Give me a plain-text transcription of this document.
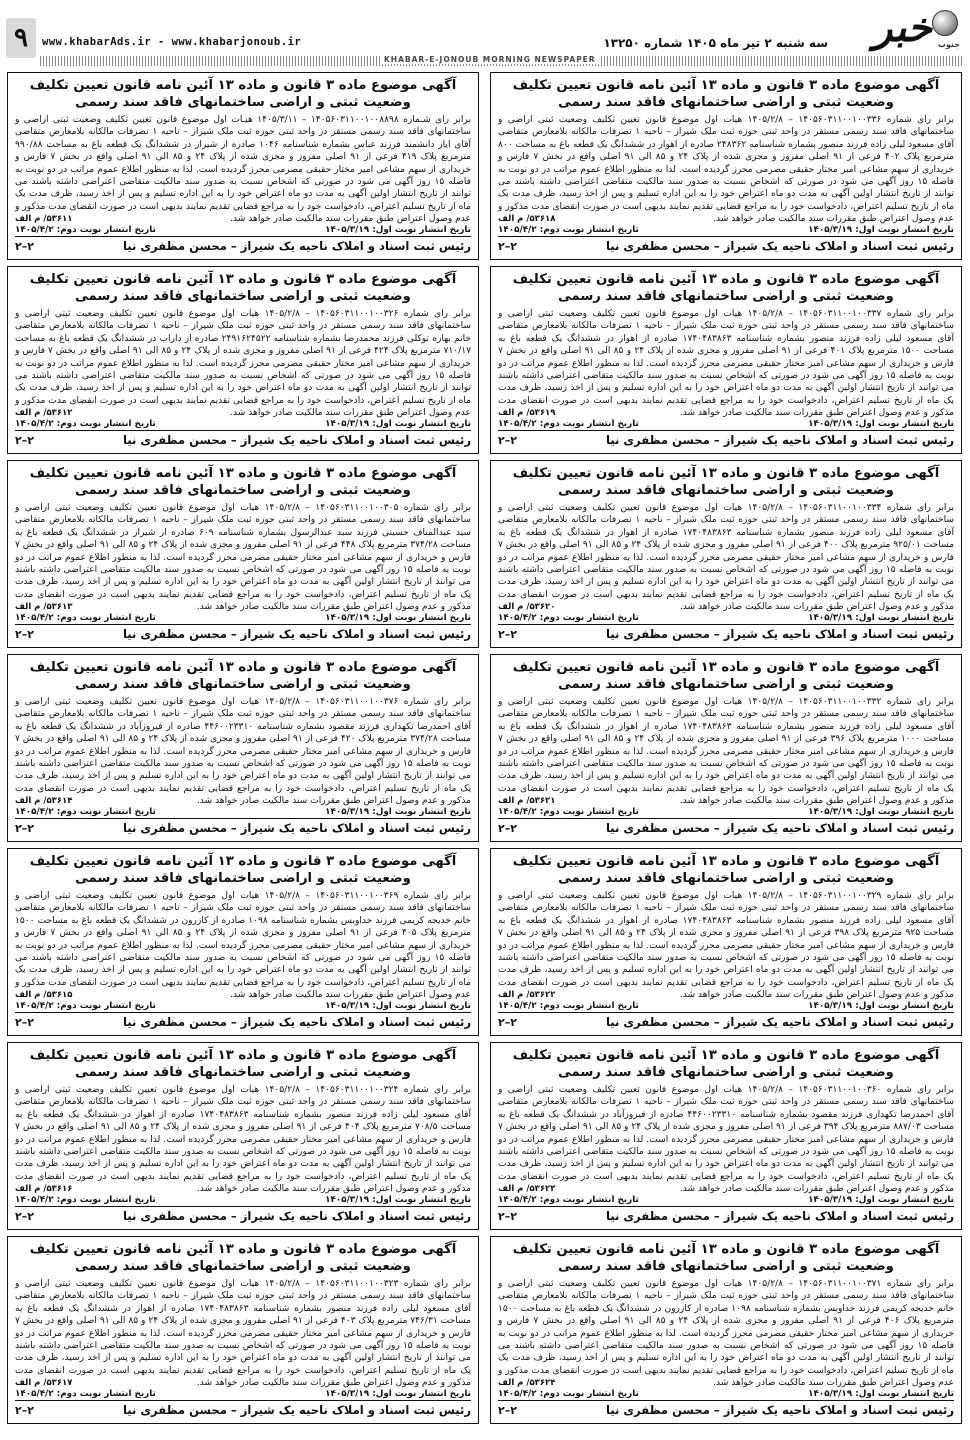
خبر جنوب
سه شنبه ۲ تیر ماه ۱۴۰۵ شماره ۱۳۲۵۰
www.khabarAds.ir - www.khabarjonoub.ir
۹
KHABAR-E-JONOUB MORNING NEWSPAPER
آگهی موضوع ماده ۳ قانون و ماده ۱۳ آئین نامه قانون تعیین تکلیف
وضعیت ثبتی و اراضی ساختمانهای فاقد سند رسمی
برابر رای شماره ۱۴۰۵۶۰۳۱۱۰۰۱۰۰۳۳۶ – ۱۴۰۵/۲/۸ هیات اول موضوع قانون تعیین تکلیف وضعیت ثبتی اراضی و ساختمانهای فاقد سند رسمی مستقر در واحد ثبتی حوزه ثبت ملک شیراز – ناحیه ۱ تصرفات مالکانه بلامعارض متقاضی آقای مسعود لیلی زاده فرزند منصور بشماره شناسنامه ۲۴۸۳۶۲ صادره از اهواز در ششدانگ یک قطعه باغ به مساحت ۸۰۰ مترمربع پلاک ۴۰۲ فرعی از ۹۱ اصلی مفروز و مجزی شده از پلاک ۲۴ و ۸۵ الی ۹۱ اصلی واقع در بخش ۷ فارس و خریداری از سهم مشاعی امیر مختار حقیقی مصرمی محرز گردیده است. لذا به منظور اطلاع عموم مراتب در دو نوبت به فاصله ۱۵ روز آگهی می شود در صورتی که اشخاص نسبت به صدور سند مالکیت متقاضی اعتراضی داشته باشند می توانند از تاریخ انتشار اولین آگهی به مدت دو ماه اعتراض خود را به این اداره تسلیم و پس از اخذ رسید، ظرف مدت یک ماه از تاریخ تسلیم اعتراض، دادخواست خود را به مراجع قضایی تقدیم نمایند بدیهی است در صورت انقضای مدت مذکور و عدم وصول اعتراض طبق مقررات سند مالکیت صادر خواهد شد.
۵۳۶۱۸/ م الف
تاریخ انتشار نوبت اول: ۱۴۰۵/۳/۱۹
تاریخ انتشار نوبت دوم: ۱۴۰۵/۴/۲
رئیس ثبت اسناد و املاک ناحیه یک شیراز – محسن مظفری نیا
۲–۲
آگهی موضوع ماده ۳ قانون و ماده ۱۳ آئین نامه قانون تعیین تکلیف
وضعیت ثبتی و اراضی ساختمانهای فاقد سند رسمی
برابر رای شـماره ۱۴۰۵۶۰۳۱۱۰۰۱۰۰۸۸۹۸ – ۱۴۰۵/۳/۱۱ هیـات اول موضوع قانون تعیین تکلیف وضعیت ثبتی اراضی و ساختمانهای فاقد سند رسمی مستقر در واحد ثبتی حوزه ثبت ملک شیراز – ناحیه ۱ تصرفات مالکانه بلامعارض متقاضی آقای ایاز دانشمند فرزند عباس بشماره شناسنامه ۱۰۴۶ صادره از شیراز در ششدانگ یک قطعه باغ به مساحت ۹۹۰/۸۸ مترمربع پلاک ۴۱۹ فرعی از ۹۱ اصلی مفروز و مجزی شده از پلاک ۲۴ و ۸۵ الی ۹۱ اصلی واقع در بخش ۷ فارس و خریداری از سهم مشاعی امیر مختار حقیقی مصرمی محرز گردیده است. لذا به منظور اطلاع عموم مراتب در دو نوبت به فاصله ۱۵ روز آگهی می شود در صورتی که اشخاص نسبت به صدور سند مالکیت متقاضی اعتراضی داشته باشند می توانند از تاریخ انتشار اولین آگهی به مدت دو ماه اعتراض خود را به این اداره تسلیم و پس از اخذ رسید، ظرف مدت یک ماه از تاریخ تسلیم اعتراض، دادخواست خود را به مراجع قضایی تقدیم نمایند بدیهی است در صورت انقضای مدت مذکور و عدم وصول اعتراض طبق مقررات سند مالکیت صادر خواهد شد.
۵۳۶۱۱/ م الف
تاریخ انتشار نوبت اول: ۱۴۰۵/۳/۱۹
تاریخ انتشار نوبت دوم: ۱۴۰۵/۴/۲
رئیس ثبت اسناد و املاک ناحیه یک شیراز – محسن مظفری نیا
۲–۲
آگهی موضوع ماده ۳ قانون و ماده ۱۳ آئین نامه قانون تعیین تکلیف
وضعیت ثبتی و اراضی ساختمانهای فاقد سند رسمی
برابر رای شماره ۱۴۰۵۶۰۳۱۱۰۰۱۰۰۳۳۷ – ۱۴۰۵/۲/۸ هیات اول موضوع قانون تعیین تکلیف وضعیت ثبتی اراضی و ساختمانهای فاقد سند رسمی مستقر در واحد ثبتی حوزه ثبت ملک شیراز – ناحیه ۱ تصرفات مالکانه بلامعارض متقاضی آقای مسعود لیلی زاده فرزند منصور بشماره شناسنامه ۱۷۴۰۴۸۳۸۶۳ صادره از اهواز در ششدانگ یک قطعه باغ به مساحت ۱۵۰۰ مترمربع پلاک ۴۰۱ فرعی از ۹۱ اصلی مفروز و مجزی شده از پلاک ۲۴ و ۸۵ الی ۹۱ اصلی واقع در بخش ۷ فارس و خریداری از سهم مشاعی امیر مختار حقیقی مصرمی محرز گردیده است. لذا به منظور اطلاع عموم مراتب در دو نوبت به فاصله ۱۵ روز آگهی می شود در صورتی که اشخاص نسبت به صدور سند مالکیت متقاضی اعتراضی داشته باشند می توانند از تاریخ انتشار اولین آگهی به مدت دو ماه اعتراض خود را به این اداره تسلیم و پس از اخذ رسید، ظرف مدت یک ماه از تاریخ تسلیم اعتراض، دادخواست خود را به مراجع قضایی تقدیم نمایند بدیهی است در صورت انقضای مدت مذکور و عدم وصول اعتراض طبق مقررات سند مالکیت صادر خواهد شد.
۵۳۶۱۹/ م الف
تاریخ انتشار نوبت اول: ۱۴۰۵/۳/۱۹
تاریخ انتشار نوبت دوم: ۱۴۰۵/۴/۲
رئیس ثبت اسناد و املاک ناحیه یک شیراز – محسن مظفری نیا
۲–۲
آگهی موضوع ماده ۳ قانون و ماده ۱۳ آئین نامه قانون تعیین تکلیف
وضعیت ثبتی و اراضی ساختمانهای فاقد سند رسمی
برابر رای شماره ۱۴۰۵۶۰۳۱۱۰۰۱۰۰۳۲۶ – ۱۴۰۵/۲/۸ هیات اول موضوع قانون تعیین تکلیف وضعیت ثبتی اراضی و ساختمانهای فاقد سند رسمی مستقر در واحد ثبتی حوزه ثبت ملک شیراز – ناحیه ۱ تصرفات مالکانه بلامعارض متقاضی خانم بهاره توکلی فرزند محمدرضا بشماره شناسنامه ۲۴۹۱۶۲۴۵۲۲ صادره از داراب در ششدانگ یک قطعه باغ به مساحت ۷۱۰/۱۷ مترمربع پلاک ۴۲۴ فرعی از ۹۱ اصلی مفروز و مجزی شده از پلاک ۲۴ و ۸۵ الی ۹۱ اصلی واقع در بخش ۷ فارس و خریداری از سهم مشاعی امیر مختار حقیقی مصرمی محرز گردیده است. لذا به منظور اطلاع عموم مراتب در دو نوبت به فاصله ۱۵ روز آگهی می شود در صورتی که اشخاص نسبت به صدور سند مالکیت متقاضی اعتراضی داشته باشند می توانند از تاریخ انتشار اولین آگهی به مدت دو ماه اعتراض خود را به این اداره تسلیم و پس از اخذ رسید، ظرف مدت یک ماه از تاریخ تسلیم اعتراض، دادخواست خود را به مراجع قضایی تقدیم نمایند بدیهی است در صورت انقضای مدت مذکور و عدم وصول اعتراض طبق مقررات سند مالکیت صادر خواهد شد.
۵۳۶۱۲/ م الف
تاریخ انتشار نوبت اول: ۱۴۰۵/۳/۱۹
تاریخ انتشار نوبت دوم: ۱۴۰۵/۴/۲
رئیس ثبت اسناد و املاک ناحیه یک شیراز – محسن مظفری نیا
۲–۲
آگهی موضوع ماده ۳ قانون و ماده ۱۳ آئین نامه قانون تعیین تکلیف
وضعیت ثبتی و اراضی ساختمانهای فاقد سند رسمی
برابر رای شماره ۱۴۰۵۶۰۳۱۱۰۰۱۰۰۳۳۴ – ۱۴۰۵/۲/۸ هیات اول موضوع قانون تعیین تکلیف وضعیت ثبتی اراضی و ساختمانهای فاقد سند رسمی مستقر در واحد ثبتی حوزه ثبت ملک شیراز – ناحیه ۱ تصرفات مالکانه بلامعارض متقاضی آقای مسعود لیلی زاده فرزند منصور بشماره شناسنامه ۱۷۴۰۴۸۳۸۶۳ صادره از اهواز در ششدانگ یک قطعه باغ به مساحت ۹۲۵/۰۱ مترمربع پلاک ۴۰۰ فرعی از ۹۱ اصلی مفروز و مجزی شده از پلاک ۲۴ و ۸۵ الی ۹۱ اصلی واقع در بخش ۷ فارس و خریداری از سهم مشاعی امیر مختار حقیقی مصرمی محرز گردیده است. لذا به منظور اطلاع عموم مراتب در دو نوبت به فاصله ۱۵ روز آگهی می شود در صورتی که اشخاص نسبت به صدور سند مالکیت متقاضی اعتراضی داشته باشند می توانند از تاریخ انتشار اولین آگهی به مدت دو ماه اعتراض خود را به این اداره تسلیم و پس از اخذ رسید، ظرف مدت یک ماه از تاریخ تسلیم اعتراض، دادخواست خود را به مراجع قضایی تقدیم نمایند بدیهی است در صورت انقضای مدت مذکور و عدم وصول اعتراض طبق مقررات سند مالکیت صادر خواهد شد.
۵۳۶۲۰/ م الف
تاریخ انتشار نوبت اول: ۱۴۰۵/۳/۱۹
تاریخ انتشار نوبت دوم: ۱۴۰۵/۴/۲
رئیس ثبت اسناد و املاک ناحیه یک شیراز – محسن مظفری نیا
۲–۲
آگهی موضوع ماده ۳ قانون و ماده ۱۳ آئین نامه قانون تعیین تکلیف
وضعیت ثبتی و اراضی ساختمانهای فاقد سند رسمی
برابر رای شماره ۱۴۰۵۶۰۳۱۱۰۰۱۰۰۳۰۵ – ۱۴۰۵/۲/۸ هیات اول موضوع قانون تعیین تکلیف وضعیت ثبتی اراضی و ساختمانهای فاقد سند رسمی مستقر در واحد ثبتی حوزه ثبت ملک شیراز – ناحیه ۱ تصرفات مالکانه بلامعارض متقاضی سید عبدالمناف حسینی فرزند سید عبدالرسول بشماره شناسنامه ۶۰۹ صادره از شیراز در ششدانگ یک قطعه باغ به مساحت ۳۷۴/۲۸ مترمربع پلاک ۴۴۸ فرعی از ۹۱ اصلی مفروز و مجزی شده از پلاک ۲۴ و ۸۵ الی ۹۱ اصلی واقع در بخش ۷ فارس و خریداری از سهم مشاعی امیر مختار حقیقی مصرمی محرز گردیده است. لذا به منظور اطلاع عموم مراتب در دو نوبت به فاصله ۱۵ روز آگهی می شود در صورتی که اشخاص نسبت به صدور سند مالکیت متقاضی اعتراضی داشته باشند می توانند از تاریخ انتشار اولین آگهی به مدت دو ماه اعتراض خود را به این اداره تسلیم و پس از اخذ رسید، ظرف مدت یک ماه از تاریخ تسلیم اعتراض، دادخواست خود را به مراجع قضایی تقدیم نمایند بدیهی است در صورت انقضای مدت مذکور و عدم وصول اعتراض طبق مقررات سند مالکیت صادر خواهد شد.
۵۳۶۱۳/ م الف
تاریخ انتشار نوبت اول: ۱۴۰۵/۳/۱۹
تاریخ انتشار نوبت دوم: ۱۴۰۵/۴/۲
رئیس ثبت اسناد و املاک ناحیه یک شیراز – محسن مظفری نیا
۲–۲
آگهی موضوع ماده ۳ قانون و ماده ۱۳ آئین نامه قانون تعیین تکلیف
وضعیت ثبتی و اراضی ساختمانهای فاقد سند رسمی
برابر رای شماره ۱۴۰۵۶۰۳۱۱۰۰۱۰۰۳۳۲ – ۱۴۰۵/۲/۸ هیات اول موضوع قانون تعیین تکلیف وضعیت ثبتی اراضی و ساختمانهای فاقد سند رسمی مستقر در واحد ثبتی حوزه ثبت ملک شیراز – ناحیه ۱ تصرفات مالکانه بلامعارض متقاضی آقای مسعود لیلی زاده فرزند منصور بشماره شناسنامه ۱۷۴۰۴۸۳۸۶۳ صادره از اهواز در ششدانگ یک قطعه باغ به مساحت ۱۰۰۰ مترمربع پلاک ۳۹۶ فرعی از ۹۱ اصلی مفروز و مجزی شده از پلاک ۲۴ و ۸۵ الی ۹۱ اصلی واقع در بخش ۷ فارس و خریداری از سهم مشاعی امیر مختار حقیقی مصرمی محرز گردیده است. لذا به منظور اطلاع عموم مراتب در دو نوبت به فاصله ۱۵ روز آگهی می شود در صورتی که اشخاص نسبت به صدور سند مالکیت متقاضی اعتراضی داشته باشند می توانند از تاریخ انتشار اولین آگهی به مدت دو ماه اعتراض خود را به این اداره تسلیم و پس از اخذ رسید، ظرف مدت یک ماه از تاریخ تسلیم اعتراض، دادخواست خود را به مراجع قضایی تقدیم نمایند بدیهی است در صورت انقضای مدت مذکور و عدم وصول اعتراض طبق مقررات سند مالکیت صادر خواهد شد.
۵۳۶۲۱/ م الف
تاریخ انتشار نوبت اول: ۱۴۰۵/۳/۱۹
تاریخ انتشار نوبت دوم: ۱۴۰۵/۴/۲
رئیس ثبت اسناد و املاک ناحیه یک شیراز – محسن مظفری نیا
۲–۲
آگهی موضوع ماده ۳ قانون و ماده ۱۳ آئین نامه قانون تعیین تکلیف
وضعیت ثبتی و اراضی ساختمانهای فاقد سند رسمی
برابر رای شماره ۱۴۰۵۶۰۳۱۱۰۰۱۰۰۳۷۶ – ۱۴۰۵/۲/۸ هیات اول موضوع قانون تعیین تکلیف وضعیت ثبتی اراضی و ساختمانهای فاقد سند رسمی مستقر در واحد ثبتی حوزه ثبت ملک شیراز – ناحیه ۱ تصرفات مالکانه بلامعارض متقاضی آقای احمدرضا تکهداری فرزند مقصود بشماره شناسنامه ۴۴۶۰۰۲۳۳۱۰ صادره از فیروزآباد در ششدانگ یک قطعه باغ به مساحت ۳۷۴/۲۸ مترمربع پلاک ۴۲۰ فرعی از ۹۱ اصلی مفروز و مجزی شده از پلاک ۲۴ و ۸۵ الی ۹۱ اصلی واقع در بخش ۷ فارس و خریداری از سهم مشاعی امیر مختار حقیقی مصرمی محرز گردیده است. لذا به منظور اطلاع عموم مراتب در دو نوبت به فاصله ۱۵ روز آگهی می شود در صورتی که اشخاص نسبت به صدور سند مالکیت متقاضی اعتراضی داشته باشند می توانند از تاریخ انتشار اولین آگهی به مدت دو ماه اعتراض خود را به این اداره تسلیم و پس از اخذ رسید، ظرف مدت یک ماه از تاریخ تسلیم اعتراض، دادخواست خود را به مراجع قضایی تقدیم نمایند بدیهی است در صورت انقضای مدت مذکور و عدم وصول اعتراض طبق مقررات سند مالکیت صادر خواهد شد.
۵۳۶۱۴/ م الف
تاریخ انتشار نوبت اول: ۱۴۰۵/۳/۱۹
تاریخ انتشار نوبت دوم: ۱۴۰۵/۴/۲
رئیس ثبت اسناد و املاک ناحیه یک شیراز – محسن مظفری نیا
۲–۲
آگهی موضوع ماده ۳ قانون و ماده ۱۳ آئین نامه قانون تعیین تکلیف
وضعیت ثبتی و اراضی ساختمانهای فاقد سند رسمی
برابر رای شماره ۱۴۰۵۶۰۳۱۱۰۰۱۰۰۳۲۹ – ۱۴۰۵/۲/۸ هیات اول موضوع قانون تعیین تکلیف وضعیت ثبتی اراضی و ساختمانهای فاقد سند رسمی مستقر در واحد ثبتی حوزه ثبت ملک شیراز – ناحیه ۱ تصرفات مالکانه بلامعارض متقاضی آقای مسعود لیلی زاده فرزند منصور بشماره شناسنامه ۱۷۴۰۴۸۳۸۶۳ صادره از اهواز در ششدانگ یک قطعه باغ به مساحت ۹۲۵ مترمربع پلاک ۳۹۸ فرعی از ۹۱ اصلی مفروز و مجزی شده از پلاک ۲۴ و ۸۵ الی ۹۱ اصلی واقع در بخش ۷ فارس و خریداری از سهم مشاعی امیر مختار حقیقی مصرمی محرز گردیده است. لذا به منظور اطلاع عموم مراتب در دو نوبت به فاصله ۱۵ روز آگهی می شود در صورتی که اشخاص نسبت به صدور سند مالکیت متقاضی اعتراضی داشته باشند می توانند از تاریخ انتشار اولین آگهی به مدت دو ماه اعتراض خود را به این اداره تسلیم و پس از اخذ رسید، ظرف مدت یک ماه از تاریخ تسلیم اعتراض، دادخواست خود را به مراجع قضایی تقدیم نمایند بدیهی است در صورت انقضای مدت مذکور و عدم وصول اعتراض طبق مقررات سند مالکیت صادر خواهد شد.
۵۳۶۲۲/ م الف
تاریخ انتشار نوبت اول: ۱۴۰۵/۳/۱۹
تاریخ انتشار نوبت دوم: ۱۴۰۵/۴/۲
رئیس ثبت اسناد و املاک ناحیه یک شیراز – محسن مظفری نیا
۲–۲
آگهی موضوع ماده ۳ قانون و ماده ۱۳ آئین نامه قانون تعیین تکلیف
وضعیت ثبتی و اراضی ساختمانهای فاقد سند رسمی
برابر رای شماره ۱۴۰۵۶۰۳۱۱۰۰۱۰۰۳۶۹ – ۱۴۰۵/۲/۸ هیات اول موضوع قانون تعیین تکلیف وضعیت ثبتی اراضی و ساختمانهای فاقد سند رسمی مستقر در واحد ثبتی حوزه ثبت ملک شیراز – ناحیه ۱ تصرفات مالکانه بلامعارض متقاضی خانم خدیجه کریمی فرزند خداوبس بشماره شناسنامه ۱۰۹۸ صادره از کازرون در ششدانگ یک قطعه باغ به مساحت ۱۵۰۰ مترمربع پلاک ۴۰۵ فرعی از ۹۱ اصلی مفروز و مجزی شده از پلاک ۲۴ و ۸۵ الی ۹۱ اصلی واقع در بخش ۷ فارس و خریداری از سهم مشاعی امیر مختار حقیقی مصرمی محرز گردیده است. لذا به منظور اطلاع عموم مراتب در دو نوبت به فاصله ۱۵ روز آگهی می شود در صورتی که اشخاص نسبت به صدور سند مالکیت متقاضی اعتراضی داشته باشند می توانند از تاریخ انتشار اولین آگهی به مدت دو ماه اعتراض خود را به این اداره تسلیم و پس از اخذ رسید، ظرف مدت یک ماه از تاریخ تسلیم اعتراض، دادخواست خود را به مراجع قضایی تقدیم نمایند بدیهی است در صورت انقضای مدت مذکور و عدم وصول اعتراض طبق مقررات سند مالکیت صادر خواهد شد.
۵۳۶۱۵/ م الف
تاریخ انتشار نوبت اول: ۱۴۰۵/۳/۱۹
تاریخ انتشار نوبت دوم: ۱۴۰۵/۴/۲
رئیس ثبت اسناد و املاک ناحیه یک شیراز – محسن مظفری نیا
۲–۲
آگهی موضوع ماده ۳ قانون و ماده ۱۳ آئین نامه قانون تعیین تکلیف
وضعیت ثبتی و اراضی ساختمانهای فاقد سند رسمی
برابر رای شماره ۱۴۰۵۶۰۳۱۱۰۰۱۰۰۳۶۰ – ۱۴۰۵/۲/۸ هیات اول موضوع قانون تعیین تکلیف وضعیت ثبتی اراضی و ساختمانهای فاقد سند رسمی مستقر در واحد ثبتی حوزه ثبت ملک شیراز – ناحیه ۱ تصرفات مالکانه بلامعارض متقاضی آقای احمدرضا تکهداری فرزند مقصود بشماره شناسنامه ۴۴۶۰۰۲۳۳۱۰ صادره از فیروزآباد در ششدانگ یک قطعه باغ به مساحت ۸۸۷/۰۳ مترمربع پلاک ۳۹۴ فرعی از ۹۱ اصلی مفروز و مجزی شده از پلاک ۲۴ و ۸۵ الی ۹۱ اصلی واقع در بخش ۷ فارس و خریداری از سهم مشاعی امیر مختار حقیقی مصرمی محرز گردیده است. لذا به منظور اطلاع عموم مراتب در دو نوبت به فاصله ۱۵ روز آگهی می شود در صورتی که اشخاص نسبت به صدور سند مالکیت متقاضی اعتراضی داشته باشند می توانند از تاریخ انتشار اولین آگهی به مدت دو ماه اعتراض خود را به این اداره تسلیم و پس از اخذ رسید، ظرف مدت یک ماه از تاریخ تسلیم اعتراض، دادخواست خود را به مراجع قضایی تقدیم نمایند بدیهی است در صورت انقضای مدت مذکور و عدم وصول اعتراض طبق مقررات سند مالکیت صادر خواهد شد.
۵۳۶۲۳/ م الف
تاریخ انتشار نوبت اول: ۱۴۰۵/۳/۱۹
تاریخ انتشار نوبت دوم: ۱۴۰۵/۴/۲
رئیس ثبت اسناد و املاک ناحیه یک شیراز – محسن مظفری نیا
۲–۲
آگهی موضوع ماده ۳ قانون و ماده ۱۳ آئین نامه قانون تعیین تکلیف
وضعیت ثبتی و اراضی ساختمانهای فاقد سند رسمی
برابر رای شماره ۱۴۰۵۶۰۳۱۱۰۰۱۰۰۳۲۴ – ۱۴۰۵/۲/۸ هیات اول موضوع قانون تعیین تکلیف وضعیت ثبتی اراضی و ساختمانهای فاقد سند رسمی مستقر در واحد ثبتی حوزه ثبت ملک شیراز – ناحیه ۱ تصرفات مالکانه بلامعارض متقاضی آقای مسعود لیلی زاده فرزند منصور بشماره شناسنامه ۱۷۴۰۴۸۳۸۶۳ صادره از اهواز در ششدانگ یک قطعه باغ به مساحت ۷۰۸/۵ مترمربع پلاک ۴۰۴ فرعی از ۹۱ اصلی مفروز و مجزی شده از پلاک ۲۴ و ۸۵ الی ۹۱ اصلی واقع در بخش ۷ فارس و خریداری از سهم مشاعی امیر مختار حقیقی مصرمی محرز گردیده است. لذا به منظور اطلاع عموم مراتب در دو نوبت به فاصله ۱۵ روز آگهی می شود در صورتی که اشخاص نسبت به صدور سند مالکیت متقاضی اعتراضی داشته باشند می توانند از تاریخ انتشار اولین آگهی به مدت دو ماه اعتراض خود را به این اداره تسلیم و پس از اخذ رسید، ظرف مدت یک ماه از تاریخ تسلیم اعتراض، دادخواست خود را به مراجع قضایی تقدیم نمایند بدیهی است در صورت انقضای مدت مذکور و عدم وصول اعتراض طبق مقررات سند مالکیت صادر خواهد شد.
۵۳۶۱۶/ م الف
تاریخ انتشار نوبت اول: ۱۴۰۵/۳/۱۹
تاریخ انتشار نوبت دوم: ۱۴۰۵/۴/۲
رئیس ثبت اسناد و املاک ناحیه یک شیراز – محسن مظفری نیا
۲–۲
آگهی موضوع ماده ۳ قانون و ماده ۱۳ آئین نامه قانون تعیین تکلیف
وضعیت ثبتی و اراضی ساختمانهای فاقد سند رسمی
برابر رای شماره ۱۴۰۵۶۰۳۱۱۰۰۱۰۰۳۷۱ – ۱۴۰۵/۲/۸ هیات اول موضوع قانون تعیین تکلیف وضعیت ثبتی اراضی و ساختمانهای فاقد سند رسمی مستقر در واحد ثبتی حوزه ثبت ملک شیراز – ناحیه ۱ تصرفات مالکانه بلامعارض متقاضی خانم خدیجه کریمی فرزند خداوبس بشماره شناسنامه ۱۰۹۸ صادره از کازرون در ششدانگ یک قطعه باغ به مساحت ۱۵۰۰ مترمربع پلاک ۴۰۶ فرعی از ۹۱ اصلی مفروز و مجزی شده از پلاک ۲۴ و ۸۵ الی ۹۱ اصلی واقع در بخش ۷ فارس و خریداری از سهم مشاعی امیر مختار حقیقی مصرمی محرز گردیده است. لذا به منظور اطلاع عموم مراتب در دو نوبت به فاصله ۱۵ روز آگهی می شود در صورتی که اشخاص نسبت به صدور سند مالکیت متقاضی اعتراضی داشته باشند می توانند از تاریخ انتشار اولین آگهی به مدت دو ماه اعتراض خود را به این اداره تسلیم و پس از اخذ رسید، ظرف مدت یک ماه از تاریخ تسلیم اعتراض، دادخواست خود را به مراجع قضایی تقدیم نمایند بدیهی است در صورت انقضای مدت مذکور و عدم وصول اعتراض طبق مقررات سند مالکیت صادر خواهد شد.
۵۳۶۲۴/ م الف
تاریخ انتشار نوبت اول: ۱۴۰۵/۳/۱۹
تاریخ انتشار نوبت دوم: ۱۴۰۵/۴/۲
رئیس ثبت اسناد و املاک ناحیه یک شیراز – محسن مظفری نیا
۲–۲
آگهی موضوع ماده ۳ قانون و ماده ۱۳ آئین نامه قانون تعیین تکلیف
وضعیت ثبتی و اراضی ساختمانهای فاقد سند رسمی
برابر رای شماره ۱۴۰۵۶۰۳۱۱۰۰۱۰۰۳۲۳ – ۱۴۰۵/۲/۸ هیات اول موضوع قانون تعیین تکلیف وضعیت ثبتی اراضی و ساختمانهای فاقد سند رسمی مستقر در واحد ثبتی حوزه ثبت ملک شیراز – ناحیه ۱ تصرفات مالکانه بلامعارض متقاضی آقای مسعود لیلی زاده فرزند منصور بشماره شناسنامه ۱۷۴۰۴۸۳۸۶۳ صادره از اهواز در ششدانگ یک قطعه باغ به مساحت ۷۴۶/۳۱ مترمربع پلاک ۴۰۳ فرعی از ۹۱ اصلی مفروز و مجزی شده از پلاک ۲۴ و ۸۵ الی ۹۱ اصلی واقع در بخش ۷ فارس و خریداری از سهم مشاعی امیر مختار حقیقی مصرمی محرز گردیده است. لذا به منظور اطلاع عموم مراتب در دو نوبت به فاصله ۱۵ روز آگهی می شود در صورتی که اشخاص نسبت به صدور سند مالکیت متقاضی اعتراضی داشته باشند می توانند از تاریخ انتشار اولین آگهی به مدت دو ماه اعتراض خود را به این اداره تسلیم و پس از اخذ رسید، ظرف مدت یک ماه از تاریخ تسلیم اعتراض، دادخواست خود را به مراجع قضایی تقدیم نمایند بدیهی است در صورت انقضای مدت مذکور و عدم وصول اعتراض طبق مقررات سند مالکیت صادر خواهد شد.
۵۳۶۱۷/ م الف
تاریخ انتشار نوبت اول: ۱۴۰۵/۳/۱۹
تاریخ انتشار نوبت دوم: ۱۴۰۵/۴/۲
رئیس ثبت اسناد و املاک ناحیه یک شیراز – محسن مظفری نیا
۲–۲
